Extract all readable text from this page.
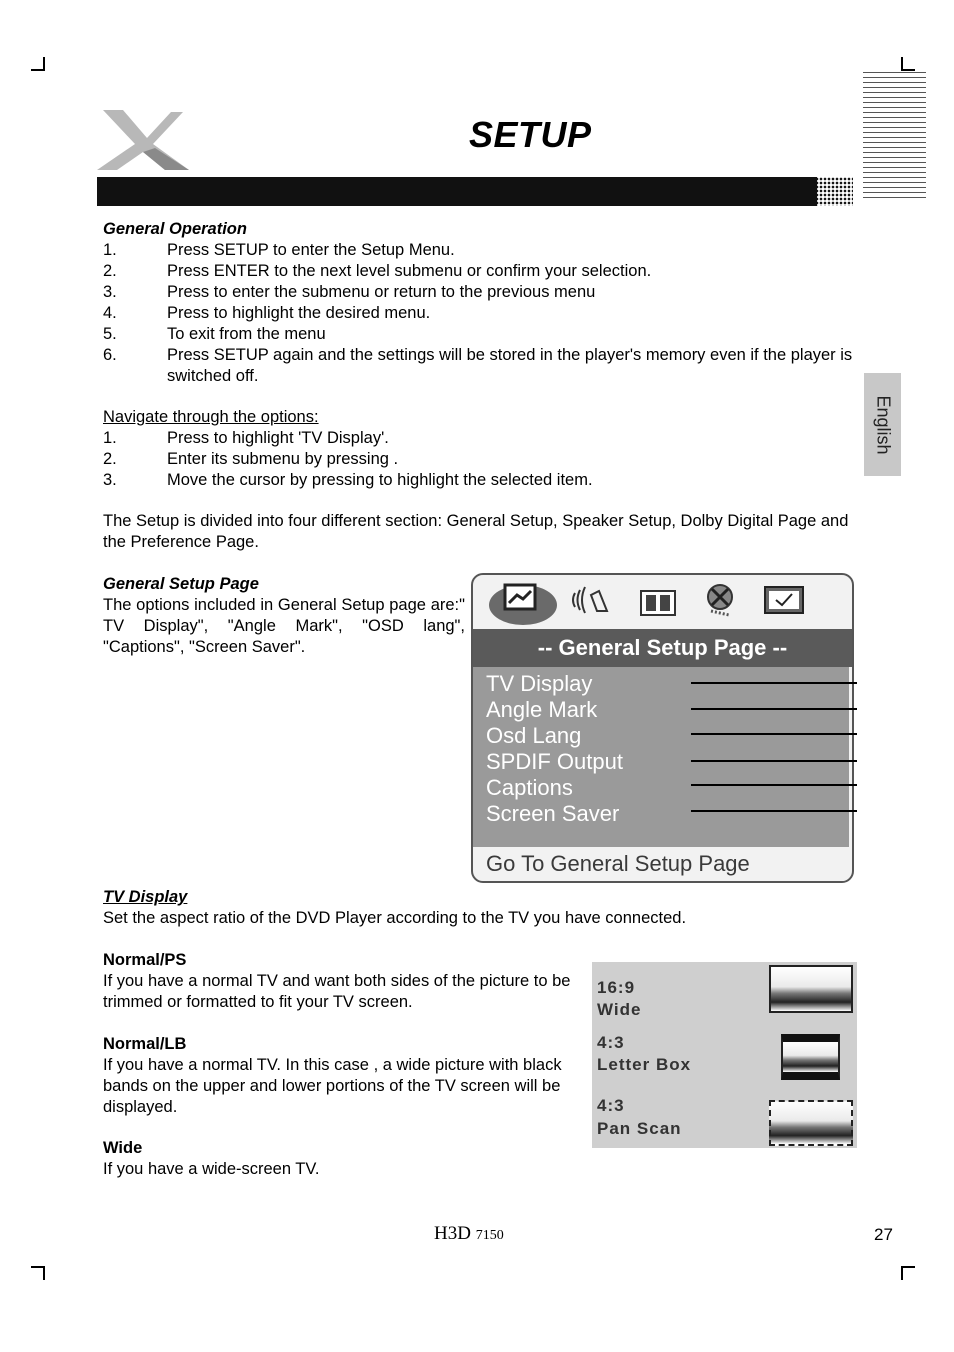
SETUP
English
General Operation
1.	Press SETUP to enter the Setup Menu.
2.	Press ENTER to the next level submenu or confirm your selection.
3.	Press to enter the submenu or return to the previous menu
4.	Press to highlight the desired menu.
5.	To exit from the menu
6.	Press SETUP again and the settings will be stored in the player's memory even if the player is switched off.
Navigate through the options:
1.	Press to highlight 'TV Display'.
2.	Enter its submenu by pressing .
3.	Move the cursor by pressing to highlight the selected item.
The Setup is divided into four different section: General Setup, Speaker Setup, Dolby Digital Page and the Preference Page.
General Setup Page
The options included in General Setup page are:" TV Display", "Angle Mark", "OSD lang", "Captions", "Screen Saver".	-- General Setup Page --
TV Display
Angle Mark
Osd Lang
SPDIF Output
Captions
Screen Saver
Go To General Setup Page
TV Display
Set the aspect ratio of the DVD Player according to the TV you have connected.
Normal/PS
If you have a normal TV and want both sides of the picture to be trimmed or formatted to fit your TV screen.
Normal/LB
If you have a normal TV. In this case , a wide picture with black bands on the upper and lower portions of the TV screen will be displayed.
Wide
If you have a wide-screen TV.
16:9
Wide
4:3
Letter Box
4:3
Pan Scan
H3D 7150	27
